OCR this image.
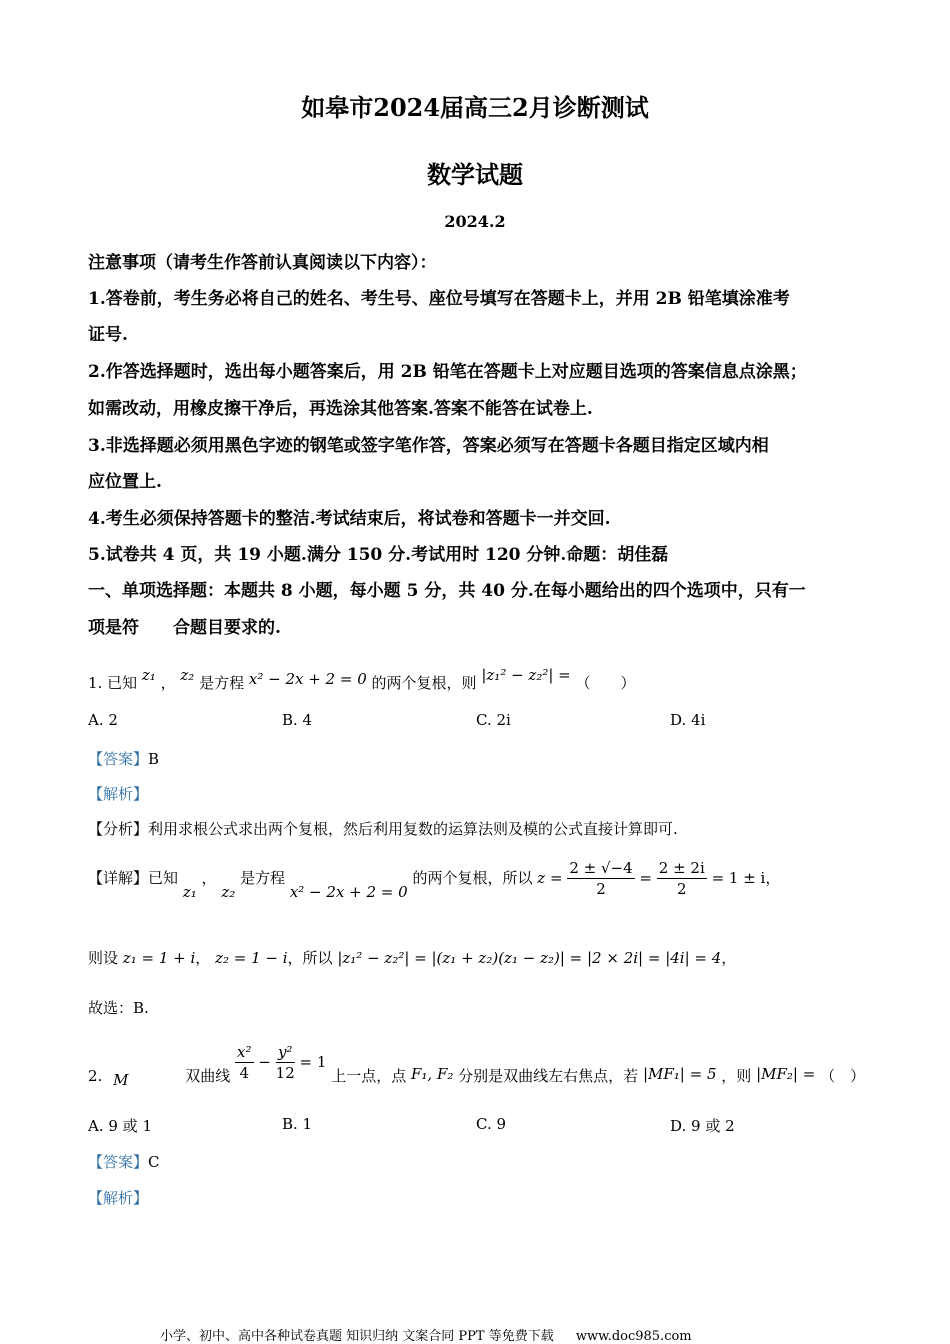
如皋市2024届高三2月诊断测试
数学试题
2024.2
注意事项（请考生作答前认真阅读以下内容）：
1.答卷前，考生务必将自己的姓名、考生号、座位号填写在答题卡上，并用 2B 铅笔填涂准考
证号.
2.作答选择题时，选出每小题答案后，用 2B 铅笔在答题卡上对应题目选项的答案信息点涂黑；
如需改动，用橡皮擦干净后，再选涂其他答案.答案不能答在试卷上.
3.非选择题必须用黑色字迹的钢笔或签字笔作答，答案必须写在答题卡各题目指定区域内相
应位置上.
4.考生必须保持答题卡的整洁.考试结束后，将试卷和答题卡一并交回.
5.试卷共 4 页，共 19 小题.满分 150 分.考试用时 120 分钟.命题：胡佳磊
一、单项选择题：本题共 8 小题，每小题 5 分，共 40 分.在每小题给出的四个选项中，只有一
项是符　　合题目要求的.
1. 已知 z₁ ， z₂ 是方程 x² − 2x + 2 = 0 的两个复根，则 |z₁² − z₂²| = （　　）
A. 2	B. 4	C. 2i	D. 4i
【答案】B
【解析】
【分析】利用求根公式求出两个复根，然后利用复数的运算法则及模的公式直接计算即可.
【详解】已知 z₁ ， z₂ 是方程 x² − 2x + 2 = 0 的两个复根，所以 $z = \frac{2 \pm √-4}{2} = \frac{2 \pm 2i}{2} = 1 \pm i$，
则设 z₁ = 1 + i， z₂ = 1 − i，所以 |z₁² − z₂²| = |(z₁ + z₂)(z₁ − z₂)| = |2 × 2i| = |4i| = 4，
故选：B.
2. M	双曲线 $\frac{\text{x²}}{4} - \frac{\text{y²}}{12} = 1$ 上一点，点 F₁, F₂ 分别是双曲线左右焦点，若 |MF₁| = 5 ，则 |MF₂| = （　）
A. 9 或 1	B. 1	C. 9	D. 9 或 2
【答案】C
【解析】
小学、初中、高中各种试卷真题 知识归纳 文案合同 PPT 等免费下载 www.doc985.com
